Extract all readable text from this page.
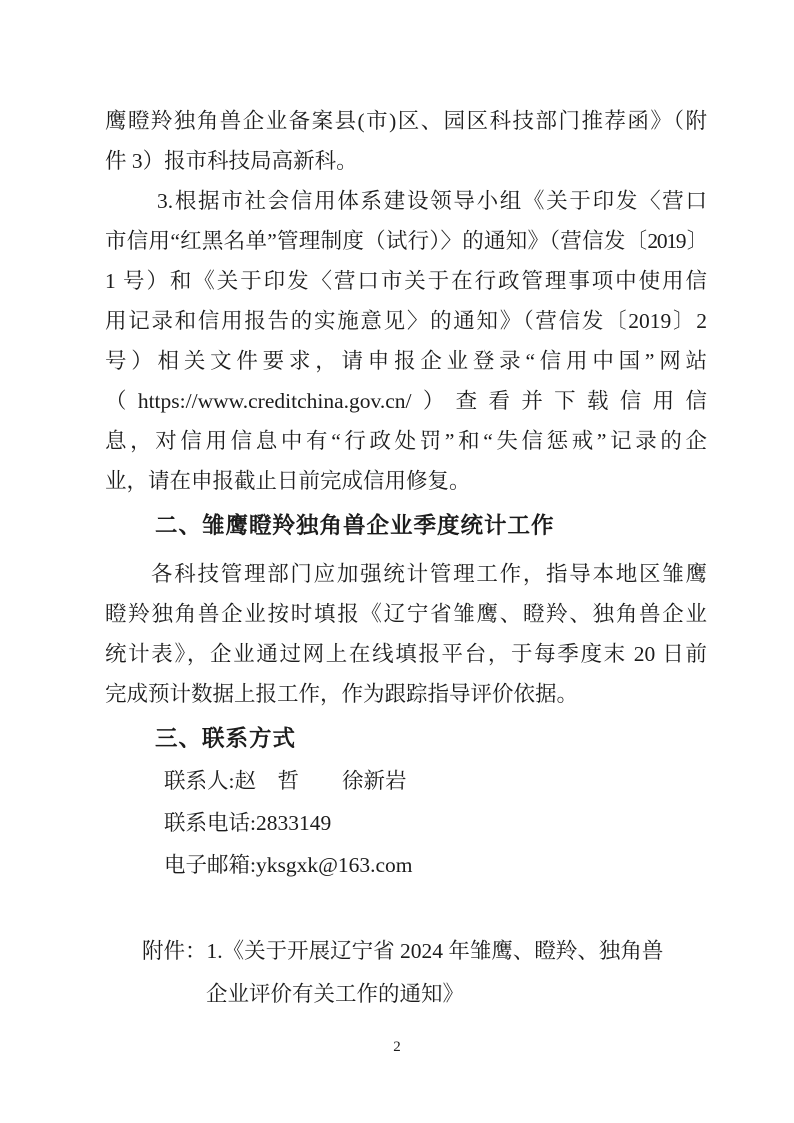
鹰瞪羚独角兽企业备案县(市)区、园区科技部门推荐函》（附
件 3）报市科技局高新科。
3.根据市社会信用体系建设领导小组《关于印发〈营口
市信用“红黑名单”管理制度（试行）〉的通知》（营信发〔2019〕
1 号）和《关于印发〈营口市关于在行政管理事项中使用信
用记录和信用报告的实施意见〉的通知》（营信发〔2019〕2
号）相关文件要求，请申报企业登录“信用中国”网站
（https://www.creditchina.gov.cn/）查看并下载信用信
息，对信用信息中有“行政处罚”和“失信惩戒”记录的企
业，请在申报截止日前完成信用修复。
二、雏鹰瞪羚独角兽企业季度统计工作
各科技管理部门应加强统计管理工作，指导本地区雏鹰
瞪羚独角兽企业按时填报《辽宁省雏鹰、瞪羚、独角兽企业
统计表》，企业通过网上在线填报平台，于每季度末 20 日前
完成预计数据上报工作，作为跟踪指导评价依据。
三、联系方式
联系人:赵　哲　　徐新岩
联系电话:2833149
电子邮箱:yksgxk@163.com
附件：1.《关于开展辽宁省 2024 年雏鹰、瞪羚、独角兽
企业评价有关工作的通知》
2
